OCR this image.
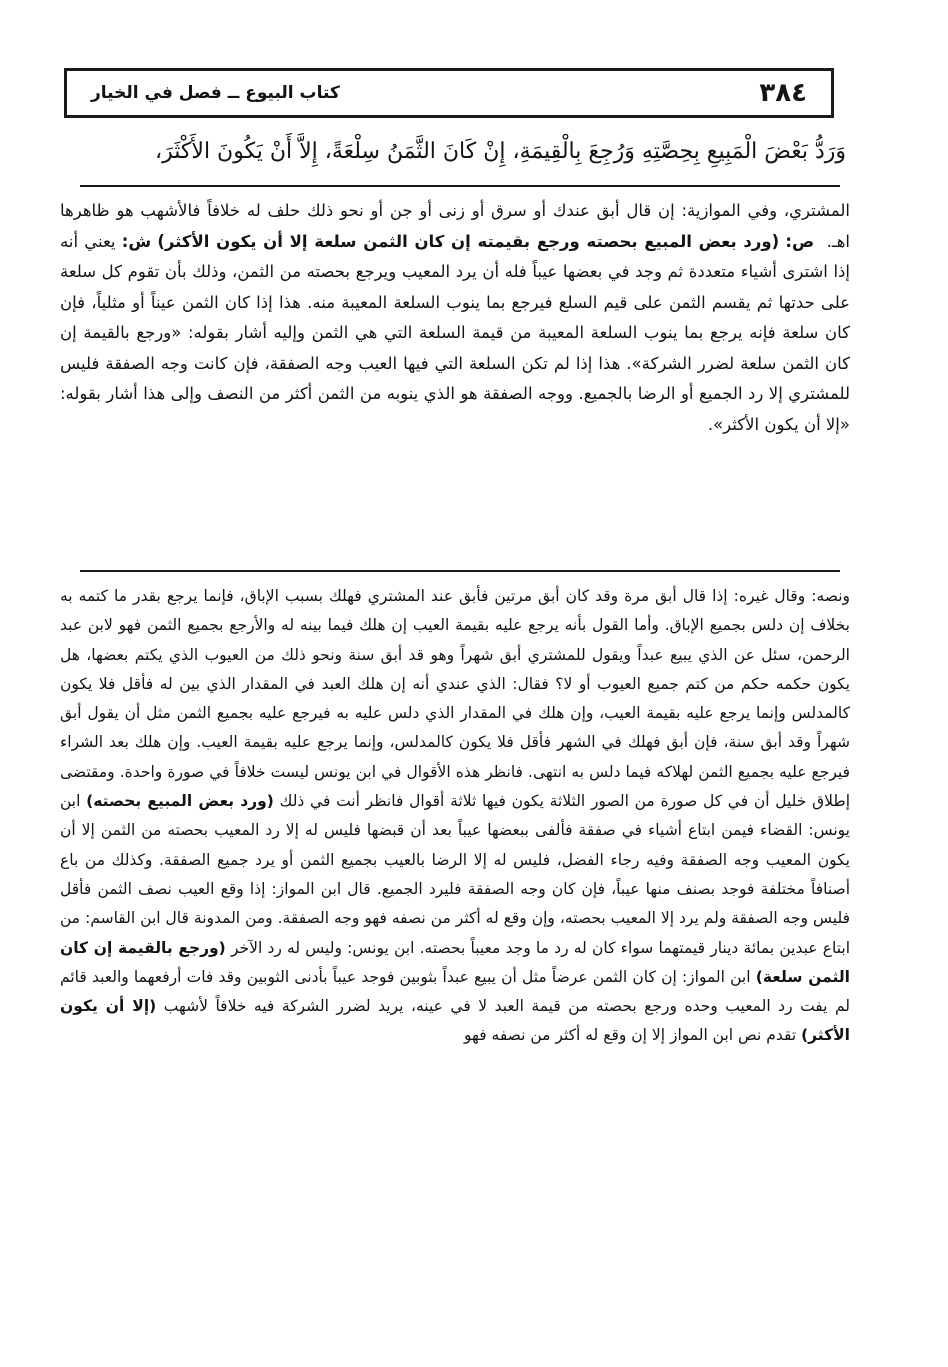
٣٨٤
كتاب البيوع ــ فصل في الخيار
وَرَدُّ بَعْضَ الْمَبِيعِ بِحِصَّتِهِ وَرُجِعَ بِالْقِيمَةِ، إِنْ كَانَ الثَّمَنُ سِلْعَةً، إِلاَّ أَنْ يَكُونَ الأَكْثَرَ،
المشتري، وفي الموازية: إن قال أبق عندك أو سرق أو زنى أو جن أو نحو ذلك حلف له خلافاً فالأشهب هو ظاهرها اهـ.  ص: (ورد بعض المبيع بحصته ورجع بقيمته إن كان الثمن سلعة إلا أن يكون الأكثر) ش: يعني أنه إذا اشترى أشياء متعددة ثم وجد في بعضها عيباً فله أن يرد المعيب ويرجع بحصته من الثمن، وذلك بأن تقوم كل سلعة على حدتها ثم يقسم الثمن على قيم السلع فيرجع بما ينوب السلعة المعيبة منه. هذا إذا كان الثمن عيناً أو مثلياً، فإن كان سلعة فإنه يرجع بما ينوب السلعة المعيبة من قيمة السلعة التي هي الثمن وإليه أشار بقوله: «ورجع بالقيمة إن كان الثمن سلعة لضرر الشركة». هذا إذا لم تكن السلعة التي فيها العيب وجه الصفقة، فإن كانت وجه الصفقة فليس للمشتري إلا رد الجميع أو الرضا بالجميع. ووجه الصفقة هو الذي ينوبه من الثمن أكثر من النصف وإلى هذا أشار بقوله: «إلا أن يكون الأكثر».
ونصه: وقال غيره: إذا قال أبق مرة وقد كان أبق مرتين فأبق عند المشتري فهلك بسبب الإباق، فإنما يرجع بقدر ما كتمه به بخلاف إن دلس بجميع الإباق. وأما القول بأنه يرجع عليه بقيمة العيب إن هلك فيما بينه له والأرجع بجميع الثمن فهو لابن عبد الرحمن، سئل عن الذي يبيع عبداً ويقول للمشتري أبق شهراً وهو قد أبق سنة ونحو ذلك من العيوب الذي يكتم بعضها، هل يكون حكمه حكم من كتم جميع العيوب أو لا؟ فقال: الذي عندي أنه إن هلك العبد في المقدار الذي بين له فأقل فلا يكون كالمدلس وإنما يرجع عليه بقيمة العيب، وإن هلك في المقدار الذي دلس عليه به فيرجع عليه بجميع الثمن مثل أن يقول أبق شهراً وقد أبق سنة، فإن أبق فهلك في الشهر فأقل فلا يكون كالمدلس، وإنما يرجع عليه بقيمة العيب. وإن هلك بعد الشراء فيرجع عليه بجميع الثمن لهلاكه فيما دلس به انتهى. فانظر هذه الأقوال في ابن يونس ليست خلافاً في صورة واحدة. ومقتضى إطلاق خليل أن في كل صورة من الصور الثلاثة يكون فيها ثلاثة أقوال فانظر أنت في ذلك (ورد بعض المبيع بحصته) ابن يونس: القضاء فيمن ابتاع أشياء في صفقة فألفى ببعضها عيباً بعد أن قبضها فليس له إلا رد المعيب بحصته من الثمن إلا أن يكون المعيب وجه الصفقة وفيه رجاء الفضل، فليس له إلا الرضا بالعيب بجميع الثمن أو يرد جميع الصفقة. وكذلك من باع أصنافاً مختلفة فوجد بصنف منها عيباً، فإن كان وجه الصفقة فليرد الجميع. قال ابن المواز: إذا وقع العيب نصف الثمن فأقل فليس وجه الصفقة ولم يرد إلا المعيب بحصته، وإن وقع له أكثر من نصفه فهو وجه الصفقة. ومن المدونة قال ابن القاسم: من ابتاع عبدين بمائة دينار قيمتهما سواء كان له رد ما وجد معيباً بحصته. ابن يونس: وليس له رد الآخر (ورجع بالقيمة إن كان الثمن سلعة) ابن المواز: إن كان الثمن عرضاً مثل أن يبيع عبداً بثوبين فوجد عيباً بأدنى الثوبين وقد فات أرفعهما والعبد قائم لم يفت رد المعيب وحده ورجع بحصته من قيمة العبد لا في عينه، يريد لضرر الشركة فيه خلافاً لأشهب (إلا أن يكون الأكثر) تقدم نص ابن المواز إلا إن وقع له أكثر من نصفه فهو
